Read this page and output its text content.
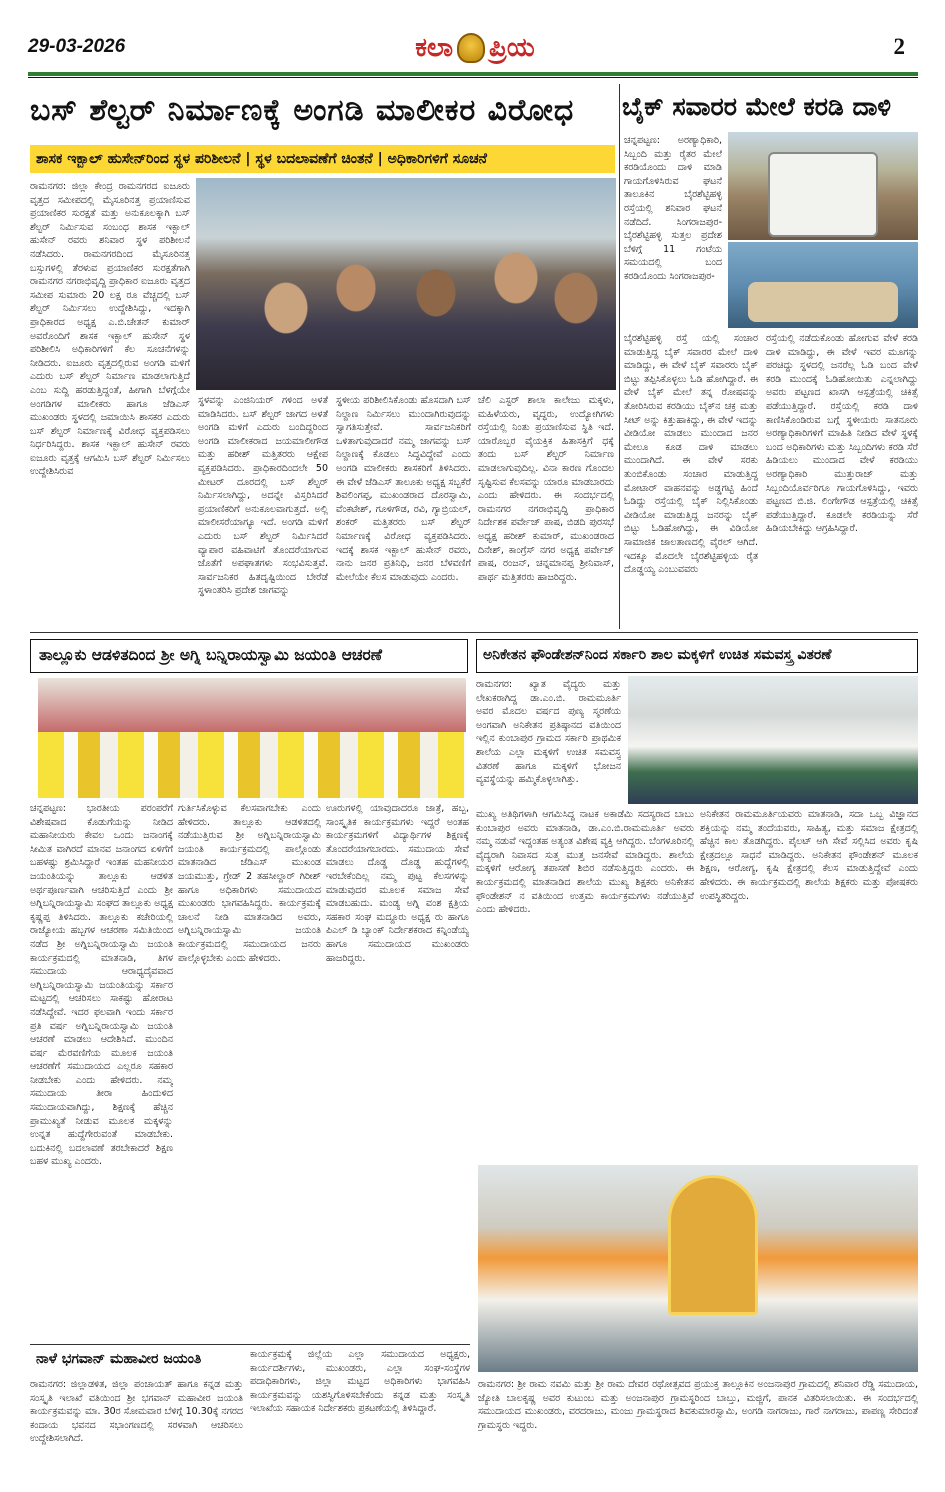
29-03-2026	ಕಲಾ ಪ್ರಿಯ	2
ಬಸ್ ಶೆಲ್ಟರ್ ನಿರ್ಮಾಣಕ್ಕೆ ಅಂಗಡಿ ಮಾಲೀಕರ ವಿರೋಧ
ಶಾಸಕ ಇಕ್ಬಾಲ್ ಹುಸೇನ್‌ರಿಂದ ಸ್ಥಳ ಪರಿಶೀಲನೆ | ಸ್ಥಳ ಬದಲಾವಣೆಗೆ ಚಿಂತನೆ | ಅಧಿಕಾರಿಗಳಿಗೆ ಸೂಚನೆ
ರಾಮನಗರ: ಜಿಲ್ಲಾ ಕೇಂದ್ರ ರಾಮನಗರದ ಐಜೂರು ವೃತ್ತದ ಸಮೀಪದಲ್ಲಿ ಮೈಸೂರಿನತ್ತ ಪ್ರಯಾಣಿಸುವ ಪ್ರಯಾಣಿಕರ ಸುರಕ್ಷತೆ ಮತ್ತು ಅನುಕೂಲಕ್ಕಾಗಿ ಬಸ್ ಶೆಲ್ಟರ್ ನಿರ್ಮಿಸುವ ಸಂಬಂಧ ಶಾಸಕ ಇಕ್ಬಾಲ್ ಹುಸೇನ್ ರವರು ಶನಿವಾರ ಸ್ಥಳ ಪರಿಶೀಲನೆ ನಡೆಸಿದರು. ರಾಮನಗರದಿಂದ ಮೈಸೂರಿನತ್ತ ಬಸ್ಸುಗಳಲ್ಲಿ ತೆರಳುವ ಪ್ರಯಾಣಿಕರ ಸುರಕ್ಷತೆಗಾಗಿ ರಾಮನಗರ ನಗರಾಭಿವೃದ್ದಿ ಪ್ರಾಧಿಕಾರ ಐಜೂರು ವೃತ್ತದ ಸಮೀಪ ಸುಮಾರು 20 ಲಕ್ಷ ರೂ ವೆಚ್ಚದಲ್ಲಿ ಬಸ್ ಶೆಲ್ಟರ್ ನಿರ್ಮಿಸಲು ಉದ್ದೇಶಿಸಿದ್ದು, ಇದಕ್ಕಾಗಿ ಪ್ರಾಧಿಕಾರದ ಅಧ್ಯಕ್ಷ ಎ.ಬಿ.ಚೇತನ್ ಕುಮಾರ್ ಅವರೊಂದಿಗೆ ಶಾಸಕ ಇಕ್ಬಾಲ್ ಹುಸೇನ್ ಸ್ಥಳ ಪರಿಶೀಲಿಸಿ ಅಧಿಕಾರಿಗಳಿಗೆ ಕೆಲ ಸೂಚನೆಗಳನ್ನು ನೀಡಿದರು. ಐಜೂರು ವೃತ್ತದಲ್ಲಿರುವ ಅಂಗಡಿ ಮಳಿಗೆ ಎದುರು ಬಸ್ ಶೆಲ್ಟರ್ ನಿರ್ಮಾಣ ಮಾಡಲಾಗುತ್ತಿದೆ ಎಂಬ ಸುದ್ದಿ ಹರಡುತ್ತಿದ್ದಂತೆ, ಹೀಗಾಗಿ ಬೆಳಗ್ಗೆಯೇ ಅಂಗಡಿಗಳ ಮಾಲೀಕರು ಹಾಗೂ ಜೆಡಿಎಸ್ ಮುಖಂಡರು ಸ್ಥಳದಲ್ಲಿ ಜಮಾಯಿಸಿ ಶಾಸಕರ ಎದುರು ಬಸ್ ಶೆಲ್ಟರ್ ನಿರ್ಮಾಣಕ್ಕೆ ವಿರೋಧ ವ್ಯಕ್ತಪಡಿಸಲು ನಿರ್ಧರಿಸಿದ್ದರು. ಶಾಸಕ ಇಕ್ಬಾಲ್ ಹುಸೇನ್ ರವರು ಐಜೂರು ವೃತ್ತಕ್ಕೆ ಆಗಮಿಸಿ ಬಸ್ ಶೆಲ್ಟರ್ ನಿರ್ಮಿಸಲು ಉದ್ದೇಶಿಸಿರುವ
ಸ್ಥಳವನ್ನು ಎಂಜಿನಿಯರ್ ಗಳಿಂದ ಅಳತೆ ಮಾಡಿಸಿದರು. ಬಸ್ ಶೆಲ್ಟರ್ ಜಾಗದ ಅಳತೆ ಅಂಗಡಿ ಮಳಿಗೆ ಎದುರು ಬಂದಿದ್ದರಿಂದ ಅಂಗಡಿ ಮಾಲೀಕರಾದ ಜಯಮಾಲೀಗೌಡ ಮತ್ತು ಹರೀಶ್ ಮತ್ತಿತರರು ಆಕ್ಷೇಪ ವ್ಯಕ್ತಪಡಿಸಿದರು. ಪ್ರಾಧಿಕಾರದಿಂದಲೇ 50 ಮೀಟರ್ ದೂರದಲ್ಲಿ ಬಸ್ ಶೆಲ್ಟರ್ ನಿರ್ಮಿಸಲಾಗಿದ್ದು, ಅದನ್ನೇ ವಿಸ್ತರಿಸಿದರೆ ಪ್ರಯಾಣಿಕರಿಗೆ ಅನುಕೂಲವಾಗುತ್ತದೆ. ಅಲ್ಲಿ ಮಾಲೀಸರೆಯಾಗ್ಯೂ ಇದೆ. ಅಂಗಡಿ ಮಳಿಗೆ ಎದುರು ಬಸ್ ಶೆಲ್ಟರ್ ನಿರ್ಮಿಸಿದರೆ ವ್ಯಾಪಾರ ವಹಿವಾಟಿಗೆ ತೊಂದರೆಯಾಗುವ ಜೊತೆಗೆ ಅಪಘಾತಗಳು ಸಂಭವಿಸುತ್ತವೆ. ಸಾರ್ವಜನಿಕರ ಹಿತದೃಷ್ಟಿಯಿಂದ ಬೇರೆಡೆ ಸ್ಥಳಾಂತರಿಸಿ ಪ್ರದೇಶ ಜಾಗವನ್ನು
ಸ್ಥಳೀಯ ಪರಿಶೀಲಿಸಿಕೊಂಡು ಹೊಸದಾಗಿ ಬಸ್ ನಿಲ್ದಾಣ ನಿರ್ಮಿಸಲು ಮುಂದಾಗಿರುವುದನ್ನು ಸ್ವಾಗತಿಸುತ್ತೇವೆ. ಸಾರ್ವಜನಿಕರಿಗೆ ಒಳಿತಾಗುವುದಾದರೆ ನಮ್ಮ ಜಾಗವನ್ನು ಬಸ್ ನಿಲ್ದಾಣಕ್ಕೆ ಕೊಡಲು ಸಿದ್ಧವಿದ್ದೇವೆ ಎಂದು ಅಂಗಡಿ ಮಾಲೀಕರು ಶಾಸಕರಿಗೆ ತಿಳಿಸಿದರು. ಈ ವೇಳೆ ಜೆಡಿಎಸ್ ತಾಲೂಕು ಅಧ್ಯಕ್ಷ ಸಬ್ಬಕೆರೆ ಶಿವಲಿಂಗಪ್ಪ, ಮುಖಂಡರಾದ ದೊರಸ್ವಾಮಿ, ವೆಂಕಟೇಶ್, ಗೂಳಿಗೌಡ, ರವಿ, ಗ್ಯಾಬ್ರಿಯಲ್, ಶಂಕರ್ ಮತ್ತಿತರರು ಬಸ್ ಶೆಲ್ಟರ್ ನಿರ್ಮಾಣಕ್ಕೆ ವಿರೋಧ ವ್ಯಕ್ತಪಡಿಸಿದರು. ಇದಕ್ಕೆ ಶಾಸಕ ಇಕ್ಬಾಲ್ ಹುಸೇನ್ ರವರು, ನಾನು ಜನರ ಪ್ರತಿನಿಧಿ, ಜನರ ಬೆಳವಣಿಗೆ ಮೇಲೆಯೇ ಕೆಲಸ ಮಾಡುವುದು ಎಂದರು.
ಚೆಲಿ ಎಸ್ಟರ್ ಶಾಲಾ ಕಾಲೇಜು ಮಕ್ಕಳು, ಮಹಿಳೆಯರು, ವೃದ್ಧರು, ಉದ್ಯೋಗಿಗಳು ರಸ್ತೆಯಲ್ಲಿ ನಿಂತು ಪ್ರಯಾಣಿಸುವ ಸ್ಥಿತಿ ಇದೆ. ಯಾರೊಬ್ಬರ ವೈಯಕ್ತಿಕ ಹಿತಾಸಕ್ತಿಗೆ ಧಕ್ಕೆ ತಂದು ಬಸ್ ಶೆಲ್ಟರ್ ನಿರ್ಮಾಣ ಮಾಡಲಾಗುವುದಿಲ್ಲ. ವಿನಾ ಕಾರಣ ಗೊಂದಲ ಸೃಷ್ಟಿಸುವ ಕೆಲಸವನ್ನು ಯಾರೂ ಮಾಡಬಾರದು ಎಂದು ಹೇಳಿದರು. ಈ ಸಂದರ್ಭದಲ್ಲಿ ರಾಮನಗರ ನಗರಾಭಿವೃದ್ಧಿ ಪ್ರಾಧಿಕಾರ ನಿರ್ದೇಶಕ ಪರ್ವೇಜ್ ಪಾಷ, ಬಿಡದಿ ಪುರಸಭೆ ಅಧ್ಯಕ್ಷ ಹರೀಶ್ ಕುಮಾರ್, ಮುಖಂಡರಾದ ದಿನೇಶ್, ಕಾಂಗ್ರೆಸ್ ನಗರ ಅಧ್ಯಕ್ಷ ಪರ್ವೇಜ್ ಪಾಷ, ರಂಜನ್, ಚನ್ನಮಾನಪ್ಪ ಶ್ರೀನಿವಾಸ್, ಪಾರ್ಥ ಮತ್ತಿತರರು ಹಾಜರಿದ್ದರು.
ಬೈಕ್ ಸವಾರರ ಮೇಲೆ ಕರಡಿ ದಾಳಿ
ಚನ್ನಪಟ್ಟಣ: ಅರಣ್ಯಾಧಿಕಾರಿ, ಸಿಬ್ಬಂದಿ ಮತ್ತು ರೈತರ ಮೇಲೆ ಕರಡಿಯೊಂದು ದಾಳಿ ಮಾಡಿ ಗಾಯಗೊಳಿಸಿರುವ ಘಟನೆ ತಾಲೂಕಿನ ಬೈರಶೆಟ್ಟಿಹಳ್ಳಿ ರಸ್ತೆಯಲ್ಲಿ ಶನಿವಾರ ಘಟನೆ ನಡೆದಿದೆ. ಸಿಂಗರಾಜಪುರ- ಬೈರಶೆಟ್ಟಿಹಳ್ಳಿ ಸುತ್ತಲ ಪ್ರದೇಶ ಬೆಳಿಗ್ಗೆ 11 ಗಂಟೆಯ ಸಮಯದಲ್ಲಿ ಬಂದ ಕರಡಿಯೊಂದು ಸಿಂಗರಾಜಪುರ-
ಬೈರಶೆಟ್ಟಿಹಳ್ಳಿ ರಸ್ತೆ ಯಲ್ಲಿ ಸಂಚಾರ ಮಾಡುತ್ತಿದ್ದ ಬೈಕ್ ಸವಾರರ ಮೇಲೆ ದಾಳಿ ಮಾಡಿದ್ದು, ಈ ವೇಳೆ ಬೈಕ್ ಸವಾರರು ಬೈಕ್ ಬಿಟ್ಟು ತಪ್ಪಿಸಿಕೊಳ್ಳಲು ಓಡಿ ಹೋಗಿದ್ದಾರೆ. ಈ ವೇಳೆ ಬೈಕ್ ಮೇಲೆ ತನ್ನ ರೋಷವನ್ನು ತೋರಿಸಿರುವ ಕರಡಿಯು ಬೈಕ್‌ನ ಚಕ್ರ ಮತ್ತು ಸೀಟ್ ಅನ್ನು ಕಿತ್ತುಹಾಕಿದ್ದು, ಈ ವೇಳೆ ಇದನ್ನು ವೀಡಿಯೋ ಮಾಡಲು ಮುಂದಾದ ಜನರ ಮೇಲೂ ಕೂಡ ದಾಳಿ ಮಾಡಲು ಮುಂದಾಗಿದೆ. ಈ ವೇಳೆ ಸರಕು ತುಂಬಿಕೊಂಡು ಸಂಚಾರ ಮಾಡುತ್ತಿದ್ದ ಮೋಟಾರ್ ವಾಹನವನ್ನು ಅಡ್ಡಗಟ್ಟಿ ಹಿಂದೆ ಓಡಿದ್ದು ರಸ್ತೆಯಲ್ಲಿ ಬೈಕ್ ನಿಲ್ಲಿಸಿಕೊಂಡು ವೀಡಿಯೋ ಮಾಡುತ್ತಿದ್ದ ಜನರನ್ನು ಬೈಕ್ ಬಿಟ್ಟು ಓಡಿಹೋಗಿದ್ದು, ಈ ವಿಡಿಯೋ ಸಾಮಾಜಿಕ ಜಾಲತಾಣದಲ್ಲಿ ವೈರಲ್ ಆಗಿದೆ. ಇದಕ್ಕೂ ಮೊದಲೇ ಬೈರಶೆಟ್ಟಿಹಳ್ಳಿಯ ರೈತ ದೊಡ್ಡಯ್ಯ ಎಂಬುವವರು
ರಸ್ತೆಯಲ್ಲಿ ನಡೆದುಕೊಂಡು ಹೋಗುವ ವೇಳೆ ಕರಡಿ ದಾಳಿ ಮಾಡಿದ್ದು, ಈ ವೇಳೆ ಇವರ ಮೂಗನ್ನು ಪರಚಿದ್ದು ಸ್ಥಳದಲ್ಲಿ ಜನರೆಲ್ಲ ಓಡಿ ಬಂದ ವೇಳೆ ಕರಡಿ ಮುಂದಕ್ಕೆ ಓಡಿಹೋಯಿತು ಎನ್ನಲಾಗಿದ್ದು ಅವರು ಪಟ್ಟಣದ ಖಾಸಗಿ ಆಸ್ಪತ್ರೆಯಲ್ಲಿ ಚಿಕಿತ್ಸೆ ಪಡೆಯುತ್ತಿದ್ದಾರೆ. ರಸ್ತೆಯಲ್ಲಿ ಕರಡಿ ದಾಳಿ ಕಾಣಿಸಿಕೊಂಡಿರುವ ಬಗ್ಗೆ ಸ್ಥಳೀಯರು ಸಾತನೂರು ಅರಣ್ಯಾಧಿಕಾರಿಗಳಿಗೆ ಮಾಹಿತಿ ನೀಡಿದ ವೇಳೆ ಸ್ಥಳಕ್ಕೆ ಬಂದ ಅಧಿಕಾರಿಗಳು ಮತ್ತು ಸಿಬ್ಬಂದಿಗಳು ಕರಡಿ ಸೆರೆ ಹಿಡಿಯಲು ಮುಂದಾದ ವೇಳೆ ಕರಡಿಯು ಅರಣ್ಯಾಧಿಕಾರಿ ಮುತ್ತುರಾಜ್ ಮತ್ತು ಸಿಬ್ಬಂದಿಯೊರ್ವರಿಗೂ ಗಾಯಗೊಳಿಸಿದ್ದು, ಇವರು ಪಟ್ಟಣದ ಬಿ.ಜಿ. ಲಿಂಗೇಗೌಡ ಆಸ್ಪತ್ರೆಯಲ್ಲಿ ಚಿಕಿತ್ಸೆ ಪಡೆಯುತ್ತಿದ್ದಾರೆ. ಕೂಡಲೇ ಕರಡಿಯನ್ನು ಸೆರೆ ಹಿಡಿಯಬೇಕಿದ್ದು ಆಗ್ರಹಿಸಿದ್ದಾರೆ.
ತಾಲ್ಲೂಕು ಆಡಳಿತದಿಂದ ಶ್ರೀ ಅಗ್ನಿ ಬನ್ನಿರಾಯಸ್ವಾಮಿ ಜಯಂತಿ ಆಚರಣೆ
ಚನ್ನಪಟ್ಟಣ: ಭಾರತೀಯ ಪರಂಪರೆಗೆ ವಿಶೇಷವಾದ ಕೊಡುಗೆಯನ್ನು ನೀಡಿದ ಮಹಾನೀಯರು ಕೇವಲ ಒಂದು ಜನಾಂಗಕ್ಕೆ ಸೀಮಿತ ವಾಗಿರದೆ ಮಾನವ ಜನಾಂಗದ ಏಳಿಗೆಗೆ ಬಹಳಷ್ಟು ಶ್ರಮಿಸಿದ್ದಾರೆ ಇಂತಹ ಮಹನೀಯರ ಜಯಂತಿಯನ್ನು ತಾಲ್ಲೂಕು ಆಡಳಿತ ಅರ್ಥಪೂರ್ಣವಾಗಿ ಆಚರಿಸುತ್ತಿದೆ ಎಂದು ಶ್ರೀ ಅಗ್ನಿಬನ್ನಿರಾಯಸ್ವಾಮಿ ಸಂಘದ ತಾಲ್ಲೂಕು ಅಧ್ಯಕ್ಷ ಕೃಷ್ಣಪ್ಪ ತಿಳಿಸಿದರು. ತಾಲ್ಲೂಕು ಕಚೇರಿಯಲ್ಲಿ ರಾಜ್ಯೋಯ ಹಬ್ಬಗಳ ಆಚರಣಾ ಸಮಿತಿಯಿಂದ ನಡೆದ ಶ್ರೀ ಅಗ್ನಿಬನ್ನಿರಾಯಸ್ವಾಮಿ ಜಯಂತಿ ಕಾರ್ಯಕ್ರಮದಲ್ಲಿ ಮಾತನಾಡಿ, ತಿಗಳ ಸಮುದಾಯ ಆರಾಧ್ಯದೈವವಾದ ಅಗ್ನಿಬನ್ನಿರಾಯಸ್ವಾಮಿ ಜಯಂತಿಯನ್ನು ಸರ್ಕಾರ ಮಟ್ಟದಲ್ಲಿ ಆಚರಿಸಲು ಸಾಕಷ್ಟು ಹೋರಾಟ ನಡೆಸಿದ್ದೇವೆ. ಇದರ ಫಲವಾಗಿ ಇಂದು ಸರ್ಕಾರ ಪ್ರತಿ ವರ್ಷ ಅಗ್ನಿಬನ್ನಿರಾಯಸ್ವಾಮಿ ಜಯಂತಿ ಆಚರಣೆ ಮಾಡಲು ಆದೇಶಿಸಿದೆ. ಮುಂದಿನ ವರ್ಷ ಮೆರವಣಿಗೆಯ ಮೂಲಕ ಜಯಂತಿ ಆಚರಣೆಗೆ ಸಮುದಾಯದ ಎಲ್ಲರೂ ಸಹಕಾರ ನೀಡಬೇಕು ಎಂದು ಹೇಳಿದರು. ನಮ್ಮ ಸಮುದಾಯ ತೀರಾ ಹಿಂದುಳಿದ ಸಮುದಾಯವಾಗಿದ್ದು, ಶಿಕ್ಷಣಕ್ಕೆ ಹೆಚ್ಚಿನ ಪ್ರಾಮುಖ್ಯತೆ ನೀಡುವ ಮೂಲಕ ಮಕ್ಕಳನ್ನು ಉನ್ನತ ಹುದ್ದೆಗೇರುವಂತೆ ಮಾಡಬೇಕು. ಬದುಕಿನಲ್ಲಿ ಬದಲಾವಣೆ ತರಬೇಕಾದರೆ ಶಿಕ್ಷಣ ಬಹಳ ಮುಖ್ಯ ಎಂದರು.
ಗುರ್ತಿಸಿಕೊಳ್ಳುವ ಕೆಲಸವಾಗಬೇಕು ಎಂದು ಹೇಳಿದರು. ತಾಲ್ಲೂಕು ಆಡಳಿತದಲ್ಲಿ ನಡೆಯುತ್ತಿರುವ ಶ್ರೀ ಅಗ್ನಿಬನ್ನಿರಾಯಸ್ವಾಮಿ ಜಯಂತಿ ಕಾರ್ಯಕ್ರಮದಲ್ಲಿ ಪಾಲ್ಗೊಂಡು ಮಾತನಾಡಿದ ಜೆಡಿಎಸ್ ಮುಖಂಡ ಜಯಮುತ್ತು, ಗ್ರೇಡ್ 2 ತಹಸೀಲ್ದಾರ್ ಗಿರೀಶ್ ಹಾಗೂ ಅಧಿಕಾರಿಗಳು ಸಮುದಾಯದ ಮುಖಂಡರು ಭಾಗವಹಿಸಿದ್ದರು. ಕಾರ್ಯಕ್ರಮಕ್ಕೆ ಚಾಲನೆ ನೀಡಿ ಮಾತನಾಡಿದ ಅವರು, ಅಗ್ನಿಬನ್ನಿರಾಯಸ್ವಾಮಿ ಜಯಂತಿ ಕಾರ್ಯಕ್ರಮದಲ್ಲಿ ಸಮುದಾಯದ ಜನರು ಪಾಲ್ಗೊಳ್ಳಬೇಕು ಎಂದು ಹೇಳಿದರು.
ಊರುಗಳಲ್ಲಿ ಯಾವುದಾದರೂ ಜಾತ್ರೆ, ಹಬ್ಬ, ಸಾಂಸ್ಕೃತಿಕ ಕಾರ್ಯಕ್ರಮಗಳು ಇದ್ದರೆ ಅಂತಹ ಕಾರ್ಯಕ್ರಮಗಳಿಗೆ ವಿದ್ಯಾರ್ಥಿಗಳ ಶಿಕ್ಷಣಕ್ಕೆ ತೊಂದರೆಯಾಗಬಾರದು. ಸಮುದಾಯ ಸೇವೆ ಮಾಡಲು ದೊಡ್ಡ ದೊಡ್ಡ ಹುದ್ದೆಗಳಲ್ಲಿ ಇರಬೇಕೆಂದಿಲ್ಲ ನಮ್ಮ ಪುಟ್ಟ ಕೆಲಸಗಳನ್ನು ಮಾಡುವುದರ ಮೂಲಕ ಸಮಾಜ ಸೇವೆ ಮಾಡಬಹುದು. ಮಂಡ್ಯ ಅಗ್ನಿ ವಂಶ ಕ್ಷತ್ರಿಯ ಸಹಕಾರ ಸಂಘ ಮದ್ದೂರು ಅಧ್ಯಕ್ಷ ರು ಹಾಗೂ ಪಿಎಲ್ ಡಿ ಬ್ಯಾಂಕ್ ನಿರ್ದೇಶಕರಾದ ಕನ್ನಿಂಡೆಯ್ಯ ಹಾಗೂ ಸಮುದಾಯದ ಮುಖಂಡರು ಹಾಜರಿದ್ದರು.
ಅನಿಕೇತನ ಫೌಂಡೇಶನ್‌ನಿಂದ ಸರ್ಕಾರಿ ಶಾಲ ಮಕ್ಕಳಿಗೆ ಉಚಿತ ಸಮವಸ್ತ್ರ ವಿತರಣೆ
ರಾಮನಗರ: ಖ್ಯಾತ ವೈದ್ಯರು ಮತ್ತು ಲೇಖಕರಾಗಿದ್ದ ಡಾ.ಎಂ.ಬಿ. ರಾಮಮೂರ್ತಿ ಅವರ ಮೊದಲ ವರ್ಷದ ಪುಣ್ಯ ಸ್ಮರಣೆಯ ಅಂಗವಾಗಿ ಅನಿಕೇತನ ಪ್ರತಿಷ್ಠಾನದ ವತಿಯಿಂದ ಇಲ್ಲಿನ ಕುಂಬಾಪುರ ಗ್ರಾಮದ ಸರ್ಕಾರಿ ಪ್ರಾಥಮಿಕ ಶಾಲೆಯ ಎಲ್ಲಾ ಮಕ್ಕಳಿಗೆ ಉಚಿತ ಸಮವಸ್ತ್ರ ವಿತರಣೆ ಹಾಗೂ ಮಕ್ಕಳಿಗೆ ಭೋಜನ ವ್ಯವಸ್ಥೆಯನ್ನು ಹಮ್ಮಿಕೊಳ್ಳಲಾಗಿತ್ತು.
ಮುಖ್ಯ ಅತಿಥಿಗಳಾಗಿ ಆಗಮಿಸಿದ್ದ ನಾಟಕ ಅಕಾಡೆಮಿ ಸದಸ್ಯರಾದ ಬಾಬು ಕುಂಬಾಪುರ ಅವರು ಮಾತನಾಡಿ, ಡಾ.ಎಂ.ಬಿ.ರಾಮಮೂರ್ತಿ ಅವರು ನಮ್ಮ ನಡುವೆ ಇದ್ದಂತಹ ಅತ್ಯಂತ ವಿಶೇಷ ವ್ಯಕ್ತಿ ಆಗಿದ್ದರು. ಬೆಂಗಳೂರಿನಲ್ಲಿ ವೈದ್ಯರಾಗಿ ನಿವಾಸದ ಸುತ್ತ ಮುತ್ತ ಜನಸೇವೆ ಮಾಡಿದ್ದರು. ಶಾಲೆಯ ಮಕ್ಕಳಿಗೆ ಆರೋಗ್ಯ ತಪಾಸಣೆ ಶಿಬಿರ ನಡೆಸುತ್ತಿದ್ದರು ಎಂದರು. ಈ ಕಾರ್ಯಕ್ರಮದಲ್ಲಿ ಮಾತನಾಡಿದ ಶಾಲೆಯ ಮುಖ್ಯ ಶಿಕ್ಷಕರು ಅನಿಕೇತನ ಫೌಂಡೇಶನ್ ನ ವತಿಯಿಂದ ಉತ್ತಮ ಕಾರ್ಯಕ್ರಮಗಳು ನಡೆಯುತ್ತಿವೆ ಎಂದು ಹೇಳಿದರು.
ಅನಿಕೇತನ ರಾಮಮೂರ್ತಿಯವರು ಮಾತನಾಡಿ, ಸದಾ ಒಬ್ಬ ವಿಜ್ಞಾನದ ಶಕ್ತಿಯನ್ನು ನಮ್ಮ ತಂದೆಯವರು, ಸಾಹಿತ್ಯ, ಮತ್ತು ಸಮಾಜ ಕ್ಷೇತ್ರದಲ್ಲಿ ಹೆಚ್ಚಿನ ಕಾಲ ತೊಡಗಿದ್ದರು. ಪೈಲಟ್ ಆಗಿ ಸೇವೆ ಸಲ್ಲಿಸಿದ ಅವರು ಕೃಷಿ ಕ್ಷೇತ್ರದಲ್ಲೂ ಸಾಧನೆ ಮಾಡಿದ್ದರು. ಅನಿಕೇತನ ಫೌಂಡೇಶನ್ ಮೂಲಕ ಶಿಕ್ಷಣ, ಆರೋಗ್ಯ, ಕೃಷಿ ಕ್ಷೇತ್ರದಲ್ಲಿ ಕೆಲಸ ಮಾಡುತ್ತಿದ್ದೇವೆ ಎಂದು ಹೇಳಿದರು. ಈ ಕಾರ್ಯಕ್ರಮದಲ್ಲಿ ಶಾಲೆಯ ಶಿಕ್ಷಕರು ಮತ್ತು ಪೋಷಕರು ಉಪಸ್ಥಿತರಿದ್ದರು.
ರಾಮನಗರ: ಶ್ರೀ ರಾಮ ನವಮಿ ಮತ್ತು ಶ್ರೀ ರಾಮ ದೇವರ ರಥೋತ್ಸವದ ಪ್ರಯುಕ್ತ ತಾಲ್ಲೂಕಿನ ಅಂಜನಾಪುರ ಗ್ರಾಮದಲ್ಲಿ ಶನಿವಾರ ರೆಡ್ಡಿ ಸಮುದಾಯ, ಜ್ಯೋತಿ ಬಾಲಕೃಷ್ಣ ಅವರ ಕುಟುಂಬ ಮತ್ತು ಅಂಜನಾಪುರ ಗ್ರಾಮಸ್ಥರಿಂದ ಬಾಬ್ತು, ಮಜ್ಜಿಗೆ, ಪಾನಕ ವಿತರಿಸಲಾಯಿತು. ಈ ಸಂದರ್ಭದಲ್ಲಿ ಸಮುದಾಯದ ಮುಖಂಡರು, ವರದರಾಜು, ಮಂಜು ಗ್ರಾಮಸ್ಥರಾದ ಶಿವಕುಮಾರಸ್ವಾಮಿ, ಅಂಗಡಿ ನಾಗರಾಜು, ಗಾರೆ ನಾಗರಾಜು, ಪಾಪಣ್ಣ ಸೇರಿದಂತೆ ಗ್ರಾಮಸ್ಥರು ಇದ್ದರು.
ನಾಳೆ ಭಗವಾನ್ ಮಹಾವೀರ ಜಯಂತಿ
ರಾಮನಗರ: ಜಿಲ್ಲಾಡಳಿತ, ಜಿಲ್ಲಾ ಪಂಚಾಯತ್ ಹಾಗೂ ಕನ್ನಡ ಮತ್ತು ಸಂಸ್ಕೃತಿ ಇಲಾಖೆ ವತಿಯಿಂದ ಶ್ರೀ ಭಗವಾನ್ ಮಹಾವೀರ ಜಯಂತಿ ಕಾರ್ಯಕ್ರಮವನ್ನು ಮಾ. 30ರ ಸೋಮವಾರ ಬೆಳಿಗ್ಗೆ 10.30ಕ್ಕೆ ನಗರದ ಕಂದಾಯ ಭವನದ ಸಭಾಂಗಣದಲ್ಲಿ ಸರಳವಾಗಿ ಆಚರಿಸಲು ಉದ್ದೇಶಿಸಲಾಗಿದೆ.
ಕಾರ್ಯಕ್ರಮಕ್ಕೆ ಜಿಲ್ಲೆಯ ಎಲ್ಲಾ ಸಮುದಾಯದ ಅಧ್ಯಕ್ಷರು, ಕಾರ್ಯದರ್ಶಿಗಳು, ಮುಖಂಡರು, ಎಲ್ಲಾ ಸಂಘ-ಸಂಸ್ಥೆಗಳ ಪದಾಧಿಕಾರಿಗಳು, ಜಿಲ್ಲಾ ಮಟ್ಟದ ಅಧಿಕಾರಿಗಳು ಭಾಗವಹಿಸಿ ಕಾರ್ಯಕ್ರಮವನ್ನು ಯಶಸ್ವಿಗೊಳಿಸಬೇಕೆಂದು ಕನ್ನಡ ಮತ್ತು ಸಂಸ್ಕೃತಿ ಇಲಾಖೆಯ ಸಹಾಯಕ ನಿರ್ದೇಶಕರು ಪ್ರಕಟಣೆಯಲ್ಲಿ ತಿಳಿಸಿದ್ದಾರೆ.
